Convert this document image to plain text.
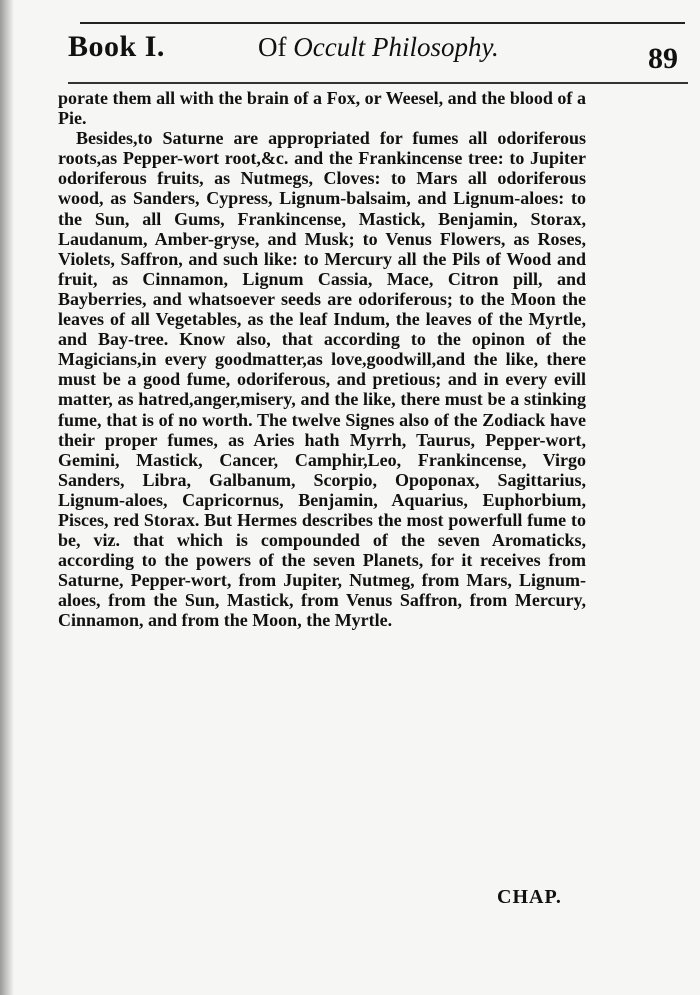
Book I.	Of Occult Philosophy.	89

porate them all with the brain of a Fox, or Weesel, and the blood of a Pie.

Besides,to Saturne are appropriated for fumes all odoriferous roots,as Pepper-wort root,&c. and the Frankincense tree: to Jupiter odoriferous fruits, as Nutmegs, Cloves: to Mars all odoriferous wood, as Sanders, Cypress, Lignum-balsaim, and Lignum-aloes: to the Sun, all Gums, Frankincense, Mastick, Benjamin, Storax, Laudanum, Amber-gryse, and Musk; to Venus Flowers, as Roses, Violets, Saffron, and such like: to Mercury all the Pils of Wood and fruit, as Cinnamon, Lignum Cassia, Mace, Citron pill, and Bayberries, and whatsoever seeds are odoriferous; to the Moon the leaves of all Vegetables, as the leaf Indum, the leaves of the Myrtle, and Bay-tree. Know also, that according to the opinon of the Magicians,in every goodmatter,as love,goodwill,and the like, there must be a good fume, odoriferous, and pretious; and in every evill matter, as hatred,anger,misery, and the like, there must be a stinking fume, that is of no worth. The twelve Signes also of the Zodiack have their proper fumes, as Aries hath Myrrh, Taurus, Pepper-wort, Gemini, Mastick, Cancer, Camphir,Leo, Frankincense, Virgo Sanders, Libra, Galbanum, Scorpio, Opoponax, Sagittarius, Lignum-aloes, Capricornus, Benjamin, Aquarius, Euphorbium, Pisces, red Storax. But Hermes describes the most powerfull fume to be, viz. that which is compounded of the seven Aromaticks, according to the powers of the seven Planets, for it receives from Saturne, Pepper-wort, from Jupiter, Nutmeg, from Mars, Lignum-aloes, from the Sun, Mastick, from Venus Saffron, from Mercury, Cinnamon, and from the Moon, the Myrtle.

CHAP.
